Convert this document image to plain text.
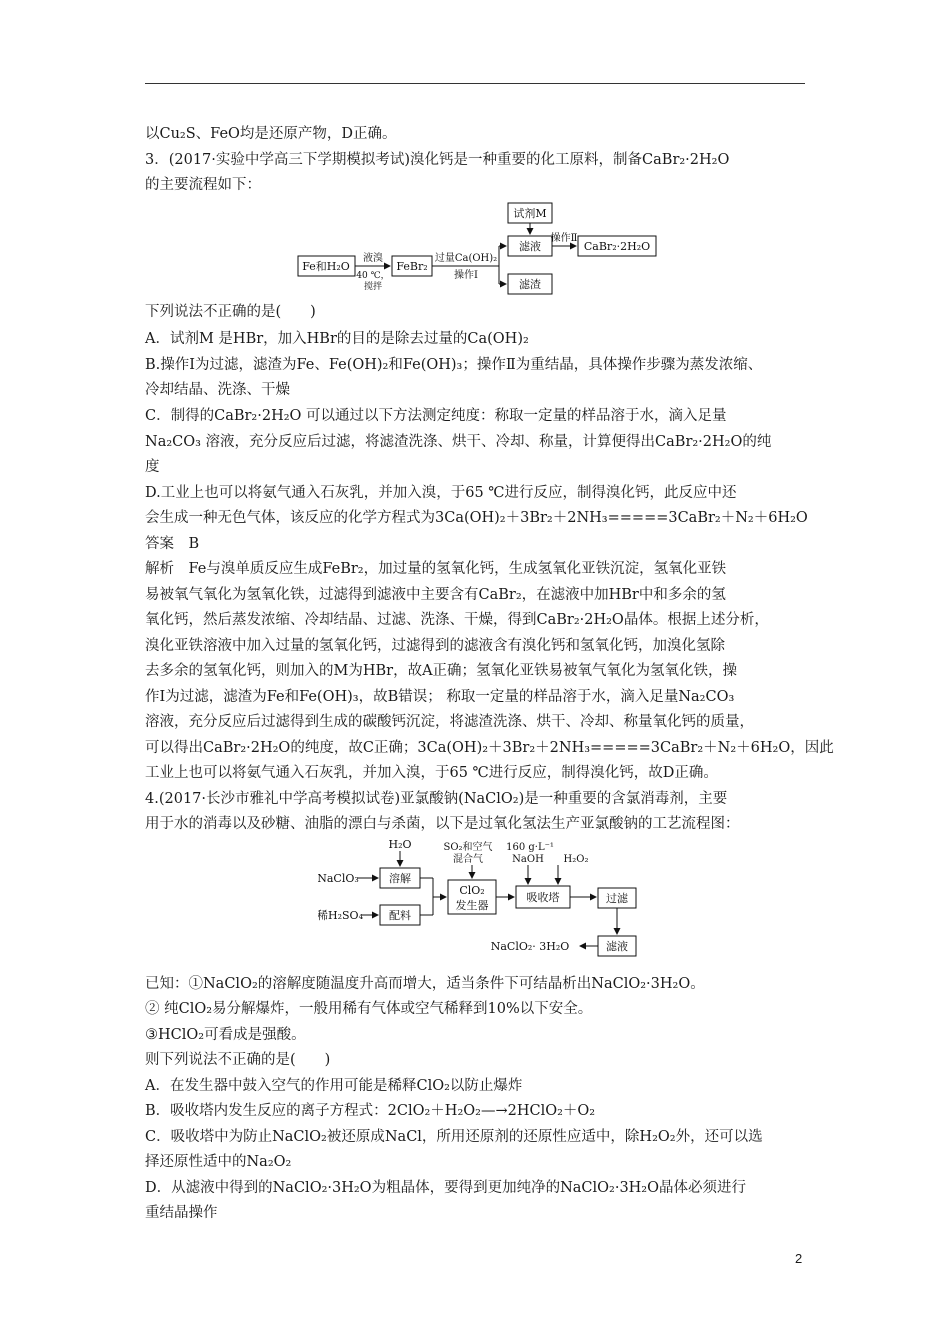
以Cu₂S、FeO均是还原产物，D正确。
3．(2017·实验中学高三下学期模拟考试)溴化钙是一种重要的化工原料，制备CaBr₂·2H₂O
的主要流程如下：
Fe和H₂O
液溴
40 ℃，
搅拌
FeBr₂
过量Ca(OH)₂
操作Ⅰ
试剂M
滤液
滤渣
操作Ⅱ
CaBr₂·2H₂O
下列说法不正确的是(　　)
A．试剂M 是HBr，加入HBr的目的是除去过量的Ca(OH)₂
B.操作Ⅰ为过滤，滤渣为Fe、Fe(OH)₂和Fe(OH)₃；操作Ⅱ为重结晶，具体操作步骤为蒸发浓缩、
冷却结晶、洗涤、干燥
C．制得的CaBr₂·2H₂O 可以通过以下方法测定纯度：称取一定量的样品溶于水，滴入足量
Na₂CO₃ 溶液，充分反应后过滤，将滤渣洗涤、烘干、冷却、称量，计算便得出CaBr₂·2H₂O的纯
度
D.工业上也可以将氨气通入石灰乳，并加入溴，于65 ℃进行反应，制得溴化钙，此反应中还
会生成一种无色气体，该反应的化学方程式为3Ca(OH)₂＋3Br₂＋2NH₃=====3CaBr₂＋N₂＋6H₂O
答案　B
解析　Fe与溴单质反应生成FeBr₂，加过量的氢氧化钙，生成氢氧化亚铁沉淀，氢氧化亚铁
易被氧气氧化为氢氧化铁，过滤得到滤液中主要含有CaBr₂，在滤液中加HBr中和多余的氢
氧化钙，然后蒸发浓缩、冷却结晶、过滤、洗涤、干燥，得到CaBr₂·2H₂O晶体。根据上述分析，
溴化亚铁溶液中加入过量的氢氧化钙，过滤得到的滤液含有溴化钙和氢氧化钙，加溴化氢除
去多余的氢氧化钙，则加入的M为HBr，故A正确；氢氧化亚铁易被氧气氧化为氢氧化铁，操
作Ⅰ为过滤，滤渣为Fe和Fe(OH)₃，故B错误； 称取一定量的样品溶于水，滴入足量Na₂CO₃
溶液，充分反应后过滤得到生成的碳酸钙沉淀，将滤渣洗涤、烘干、冷却、称量氧化钙的质量，
可以得出CaBr₂·2H₂O的纯度，故C正确；3Ca(OH)₂＋3Br₂＋2NH₃=====3CaBr₂＋N₂＋6H₂O，因此
工业上也可以将氨气通入石灰乳，并加入溴，于65 ℃进行反应，制得溴化钙，故D正确。
4.(2017·长沙市雅礼中学高考模拟试卷)亚氯酸钠(NaClO₂)是一种重要的含氯消毒剂，主要
用于水的消毒以及砂糖、油脂的漂白与杀菌，以下是过氧化氢法生产亚氯酸钠的工艺流程图：
H₂O
NaClO₃	溶解
稀H₂SO₄ 配料
SO₂和空气
混合气
ClO₂
发生器
160 g·L⁻¹
NaOH H₂O₂
吸收塔	过滤
滤液
NaClO₂· 3H₂O
已知：①NaClO₂的溶解度随温度升高而增大，适当条件下可结晶析出NaClO₂·3H₂O。
② 纯ClO₂易分解爆炸，一般用稀有气体或空气稀释到10%以下安全。
③HClO₂可看成是强酸。
则下列说法不正确的是(　　)
A．在发生器中鼓入空气的作用可能是稀释ClO₂以防止爆炸
B．吸收塔内发生反应的离子方程式：2ClO₂＋H₂O₂—→2HClO₂＋O₂
C．吸收塔中为防止NaClO₂被还原成NaCl，所用还原剂的还原性应适中，除H₂O₂外，还可以选
择还原性适中的Na₂O₂
D．从滤液中得到的NaClO₂·3H₂O为粗晶体，要得到更加纯净的NaClO₂·3H₂O晶体必须进行
重结晶操作
2
